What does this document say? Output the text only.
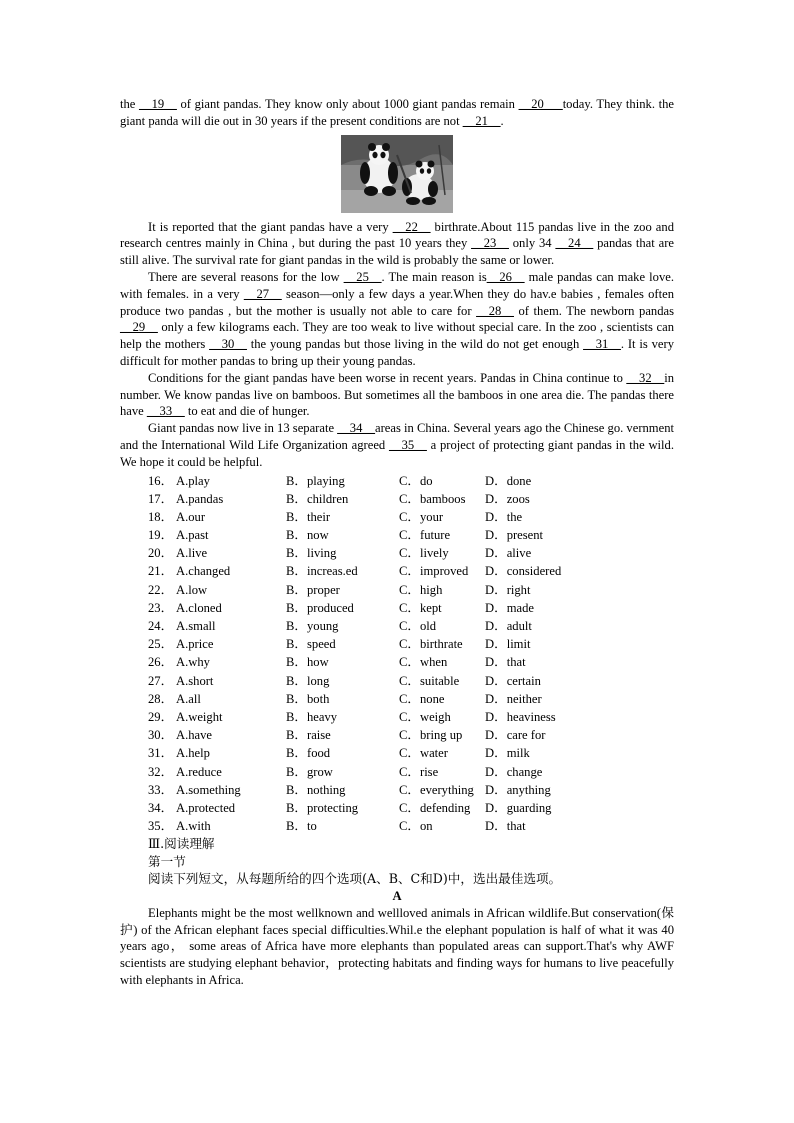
the __19__ of giant pandas. They know only about 1000 giant pandas remain __20___today. They think. the giant panda will die out in 30 years if the present conditions are not __21__.

It is reported that the giant pandas have a very __22__ birthrate.About 115 pandas live in the zoo and research centres mainly in China , but during the past 10 years they __23__ only 34 __24__ pandas that are still alive. The survival rate for giant pandas in the wild is probably the same or lower.

There are several reasons for the low __25__. The main reason is__26__ male pandas can make love. with females. in a very __27__ season—only a few days a year.When they do hav.e babies , females often produce two pandas , but the mother is usually not able to care for __28__ of them. The newborn pandas __29__ only a few kilograms each. They are too weak to live without special care. In the zoo , scientists can help the mothers __30__ the young pandas but those living in the wild do not get enough __31__. It is very difficult for mother pandas to bring up their young pandas.

Conditions for the giant pandas have been worse in recent years. Pandas in China continue to __32__in number. We know pandas live on bamboos. But sometimes all the bamboos in one area die. The pandas there have __33__ to eat and die of hunger.

Giant pandas now live in 13 separate __34__areas in China. Several years ago the Chinese go. vernment and the International Wild Life Organization agreed __35__ a project of protecting giant pandas in the wild. We hope it could be helpful.

16． A.play	B．playing	C．do	D．done
17． A.pandas	B．children	C．bamboos	D．zoos
18． A.our	B．their	C．your	D．the
19． A.past	B．now	C．future	D．present
20． A.live	B．living	C．lively	D．alive
21． A.changed	B．increas.ed	C．improved	D．considered
22． A.low	B．proper	C．high	D．right
23． A.cloned	B．produced	C．kept	D．made
24． A.small	B．young	C．old	D．adult
25． A.price	B．speed	C．birthrate	D．limit
26． A.why	B．how	C．when	D．that
27． A.short	B．long	C．suitable	D．certain
28． A.all	B．both	C．none	D．neither
29． A.weight	B．heavy	C．weigh	D．heaviness
30． A.have	B．raise	C．bring up	D．care for
31． A.help	B．food	C．water	D．milk
32． A.reduce	B．grow	C．rise	D．change
33． A.something	B．nothing	C．everything D．anything
34． A.protected	B．protecting	C．defending	D．guarding
35． A.with	B．to	C．on	D．that

Ⅲ.阅读理解

第一节

阅读下列短文，从每题所给的四个选项(A、B、C和D)中，选出最佳选项。

A

Elephants might be the most wellknown and wellloved animals in African wildlife.But conservation(保护) of the African elephant faces special difficulties.Whil.e the elephant population is half of what it was 40 years ago， some areas of Africa have more elephants than populated areas can support.That's why AWF scientists are studying elephant behavior，protecting habitats and finding ways for humans to live peacefully with elephants in Africa.
